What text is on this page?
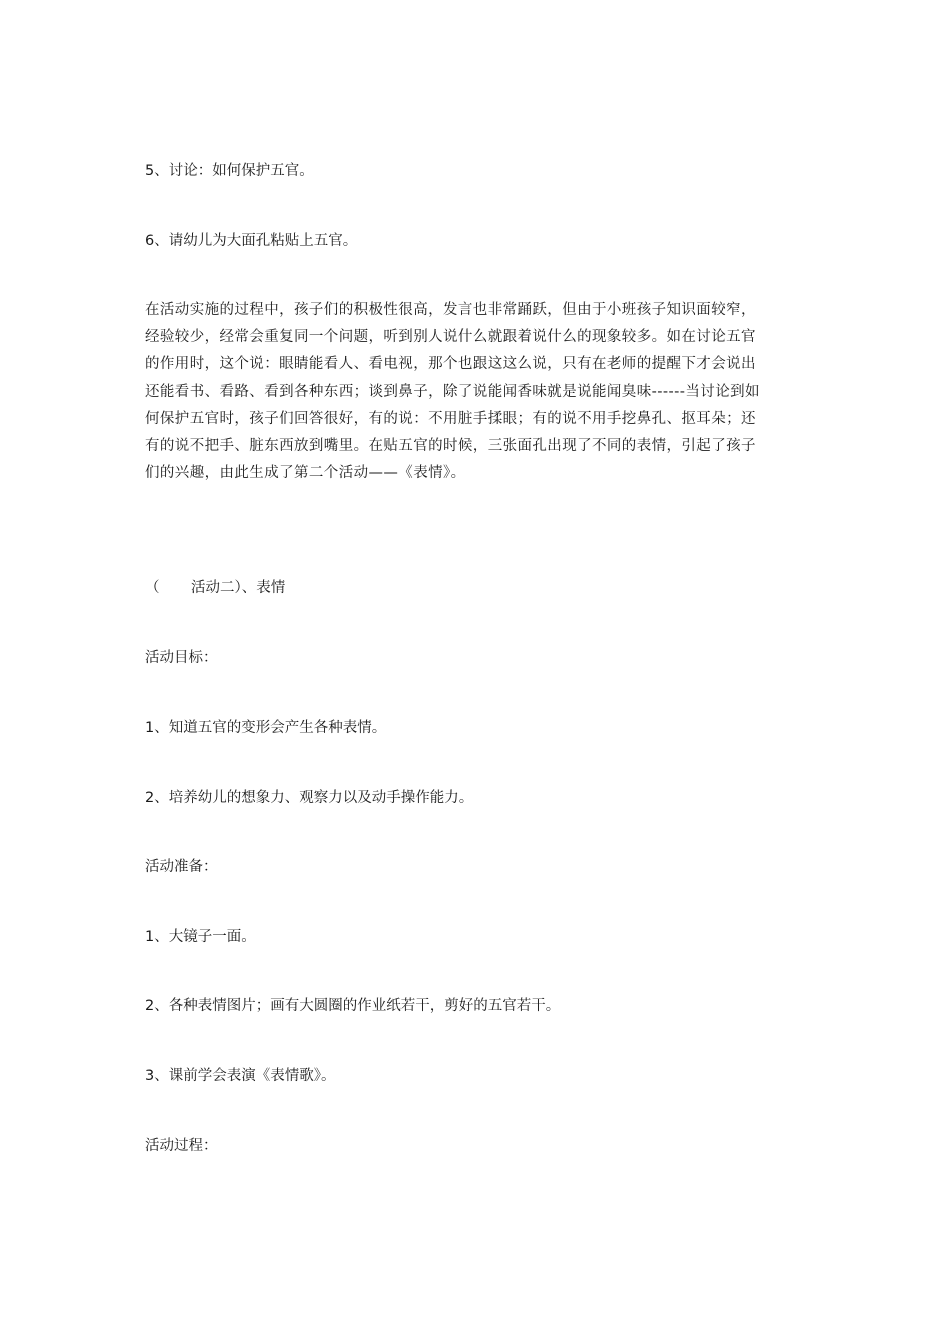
5、讨论：如何保护五官。

6、请幼儿为大面孔粘贴上五官。

在活动实施的过程中，孩子们的积极性很高，发言也非常踊跃，但由于小班孩子知识面较窄，
经验较少，经常会重复同一个问题，听到别人说什么就跟着说什么的现象较多。如在讨论五官
的作用时，这个说：眼睛能看人、看电视，那个也跟这这么说，只有在老师的提醒下才会说出
还能看书、看路、看到各种东西；谈到鼻子，除了说能闻香味就是说能闻臭味------当讨论到如
何保护五官时，孩子们回答很好，有的说：不用脏手揉眼；有的说不用手挖鼻孔、抠耳朵；还
有的说不把手、脏东西放到嘴里。在贴五官的时候，三张面孔出现了不同的表情，引起了孩子
们的兴趣，由此生成了第二个活动——《表情》。

（ 活动二）、表情

活动目标：

1、知道五官的变形会产生各种表情。

2、培养幼儿的想象力、观察力以及动手操作能力。

活动准备：

1、大镜子一面。

2、各种表情图片；画有大圆圈的作业纸若干，剪好的五官若干。

3、课前学会表演《表情歌》。

活动过程：
